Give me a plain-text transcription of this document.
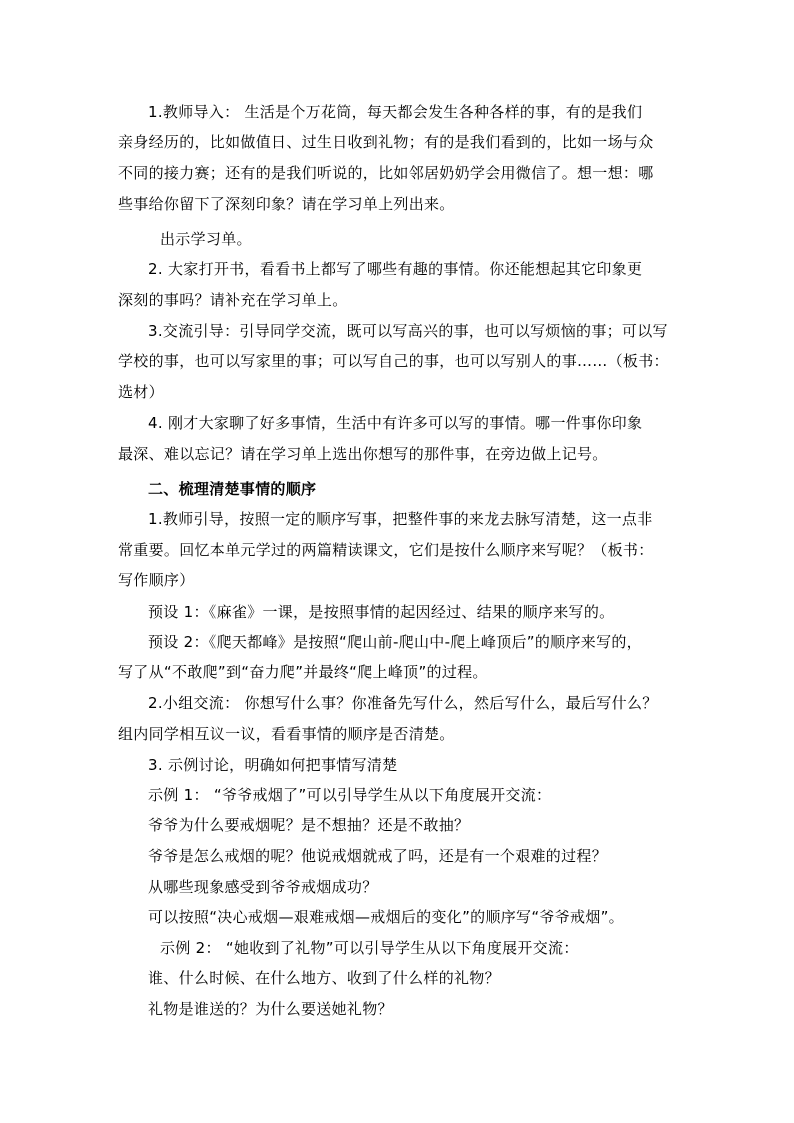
1.教师导入： 生活是个万花筒，每天都会发生各种各样的事，有的是我们

亲身经历的，比如做值日、过生日收到礼物；有的是我们看到的，比如一场与众

不同的接力赛；还有的是我们听说的，比如邻居奶奶学会用微信了。想一想：哪

些事给你留下了深刻印象？请在学习单上列出来。

出示学习单。

2. 大家打开书，看看书上都写了哪些有趣的事情。你还能想起其它印象更

深刻的事吗？请补充在学习单上。

3.交流引导：引导同学交流，既可以写高兴的事，也可以写烦恼的事；可以写

学校的事，也可以写家里的事；可以写自己的事，也可以写别人的事……（板书：

选材）

4. 刚才大家聊了好多事情，生活中有许多可以写的事情。哪一件事你印象

最深、难以忘记？请在学习单上选出你想写的那件事，在旁边做上记号。

二、梳理清楚事情的顺序

1.教师引导，按照一定的顺序写事，把整件事的来龙去脉写清楚，这一点非

常重要。回忆本单元学过的两篇精读课文，它们是按什么顺序来写呢？（板书：

写作顺序）

预设 1：《麻雀》一课，是按照事情的起因经过、结果的顺序来写的。

预设 2：《爬天都峰》是按照“爬山前-爬山中-爬上峰顶后”的顺序来写的，

写了从“不敢爬”到“奋力爬”并最终“爬上峰顶”的过程。

2.小组交流： 你想写什么事？你准备先写什么，然后写什么，最后写什么？

组内同学相互议一议，看看事情的顺序是否清楚。

3. 示例讨论，明确如何把事情写清楚

示例 1： “爷爷戒烟了”可以引导学生从以下角度展开交流：

爷爷为什么要戒烟呢？是不想抽？还是不敢抽？

爷爷是怎么戒烟的呢？他说戒烟就戒了吗，还是有一个艰难的过程？

从哪些现象感受到爷爷戒烟成功？

可以按照“决心戒烟—艰难戒烟—戒烟后的变化”的顺序写“爷爷戒烟”。

示例 2： “她收到了礼物”可以引导学生从以下角度展开交流：

谁、什么时候、在什么地方、收到了什么样的礼物？

礼物是谁送的？为什么要送她礼物？
